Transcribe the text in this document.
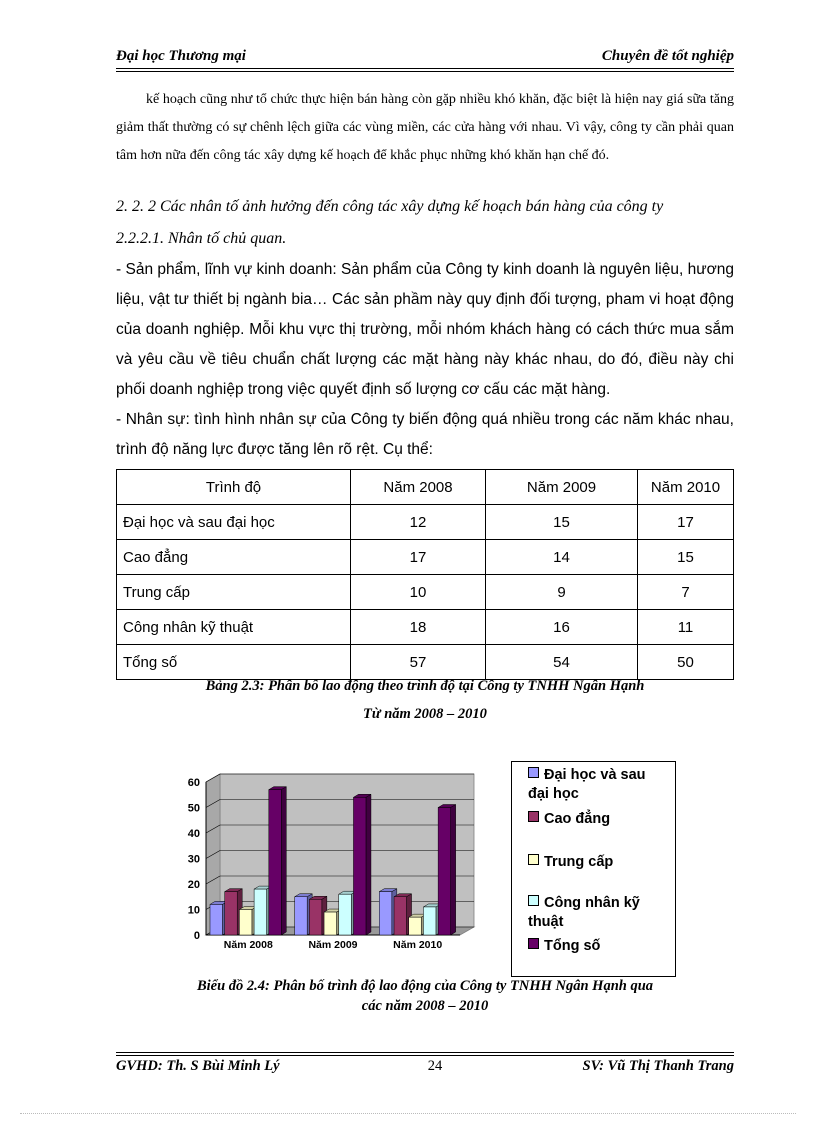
Đại học Thương mại	Chuyên đề tốt nghiệp

kế hoạch cũng như tổ chức thực hiện bán hàng còn gặp nhiều khó khăn, đặc biệt là hiện nay giá sữa tăng giảm thất thường có sự chênh lệch giữa các vùng miền, các cửa hàng với nhau. Vì vậy, công ty cần phải quan tâm hơn nữa đến công tác xây dựng kế hoạch để khắc phục những khó khăn hạn chế đó.

2. 2. 2 Các nhân tố ảnh hưởng đến công tác xây dựng kế hoạch bán hàng của công ty
2.2.2.1. Nhân tố chủ quan.

- Sản phẩm, lĩnh vự kinh doanh: Sản phẩm của Công ty kinh doanh là nguyên liệu, hương liệu, vật tư thiết bị ngành bia… Các sản phầm này quy định đối tượng, pham vi hoạt động của doanh nghiệp. Mỗi khu vực thị trường, mỗi nhóm khách hàng có cách thức mua sắm và yêu cầu về tiêu chuẩn chất lượng các mặt hàng này khác nhau, do đó, điều này chi phối doanh nghiệp trong việc quyết định số lượng cơ cấu các mặt hàng.

- Nhân sự: tình hình nhân sự của Công ty biến động quá nhiều trong các năm khác nhau, trình độ năng lực được tăng lên rõ rệt. Cụ thể:

Trình độ	Năm 2008	Năm 2009	Năm 2010
Đại học và sau đại học	12	15	17
Cao đẳng	17	14	15
Trung cấp	10	9	7
Công nhân kỹ thuật	18	16	11
Tổng số	57	54	50
Bảng 2.3: Phân bố lao động theo trình độ tại Công ty TNHH Ngân Hạnh
Từ năm 2008 – 2010
0
10
20
30
40
50
60
Năm 2008	Năm 2009	Năm 2010
Đại học và sau
đại học
Cao đẳng
Trung cấp
Công nhân kỹ
thuật
Tổng số
Biểu đồ 2.4: Phân bố trình độ lao động của Công ty TNHH Ngân Hạnh qua
các năm 2008 – 2010
GVHD: Th. S Bùi Minh Lý	24	SV: Vũ Thị Thanh Trang
